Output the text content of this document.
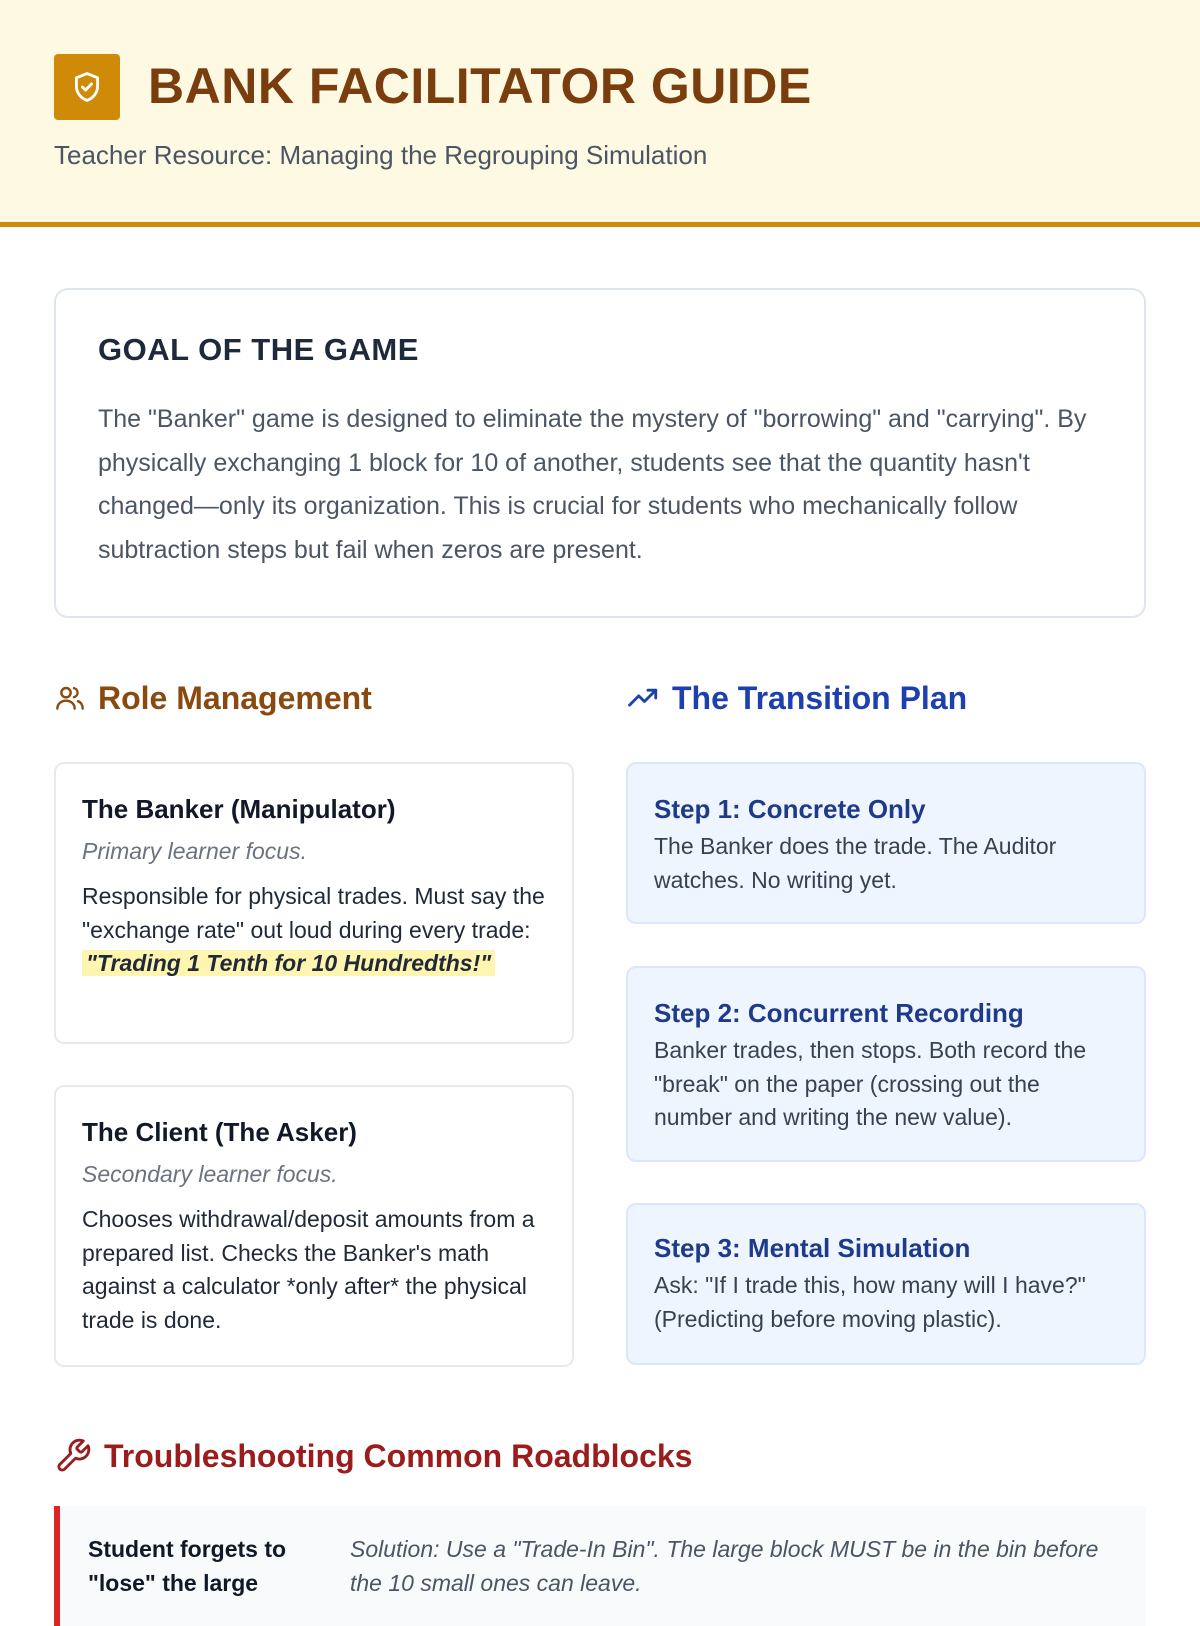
BANK FACILITATOR GUIDE

Teacher Resource: Managing the Regrouping Simulation

GOAL OF THE GAME

The "Banker" game is designed to eliminate the mystery of "borrowing" and "carrying". By physically exchanging 1 block for 10 of another, students see that the quantity hasn't changed—only its organization. This is crucial for students who mechanically follow subtraction steps but fail when zeros are present.

Role Management	The Transition Plan
The Banker (Manipulator)

Primary learner focus.

Responsible for physical trades. Must say the "exchange rate" out loud during every trade: "Trading 1 Tenth for 10 Hundredths!"

The Client (The Asker)

Secondary learner focus.

Chooses withdrawal/deposit amounts from a prepared list. Checks the Banker's math against a calculator *only after* the physical trade is done.

Step 1: Concrete Only

The Banker does the trade. The Auditor watches. No writing yet.

Step 2: Concurrent Recording

Banker trades, then stops. Both record the "break" on the paper (crossing out the number and writing the new value).

Step 3: Mental Simulation

Ask: "If I trade this, how many will I have?" (Predicting before moving plastic).

Troubleshooting Common Roadblocks

Student forgets to "lose" the large

Solution: Use a "Trade-In Bin". The large block MUST be in the bin before the 10 small ones can leave.
